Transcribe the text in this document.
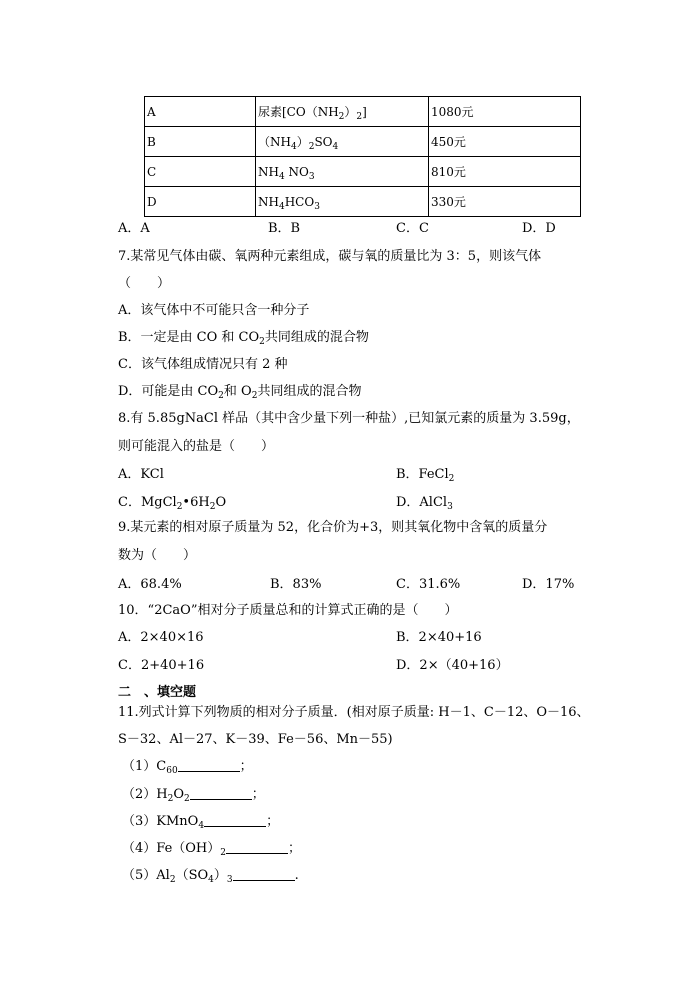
A	尿素$[CO(NH_2)_2]$	1080元
B	$(NH_4)_2SO_4$	450元
C	$NH_4$ $NO_3$	810元
D	$NH_4HCO_3$	330元
A．A	B．B	C．C	D．D
7.某常见气体由碳、氧两种元素组成，碳与氧的质量比为 3：5，则该气体
（　　）
A．该气体中不可能只含一种分子
B．一定是由 CO 和 $CO_2$共同组成的混合物
C．该气体组成情况只有 2 种
D．可能是由 $CO_2$和 $O_2$共同组成的混合物
8.有 5.85gNaCl 样品（其中含少量下列一种盐）,已知氯元素的质量为 3.59g，
则可能混入的盐是（　　）
A．KCl	B．FeCl$_2$
C．$MgCl_2•6H_2O$	D．AlCl$_3$
9.某元素的相对原子质量为 52，化合价为+3，则其氧化物中含氧的质量分
数为（　　）
A．68.4%	B．83%	C．31.6%	D．17%
10．“2CaO”相对分子质量总和的计算式正确的是（　　）
A．2×40×16	B．2×40+16
C．2+40+16	D．2×（40+16）
二　、填空题
11.列式计算下列物质的相对分子质量．(相对原子质量: H－1、C－12、O－16、
S－32、Al－27、K－39、Fe－56、Mn－55)
$(1)C_{60}$	；
$(2)H_2O_2$	；
（3）KMnO$_4$	；
$(4)Fe(OH)_2$	；
$(5)Al_2(SO_4)_3$	.
